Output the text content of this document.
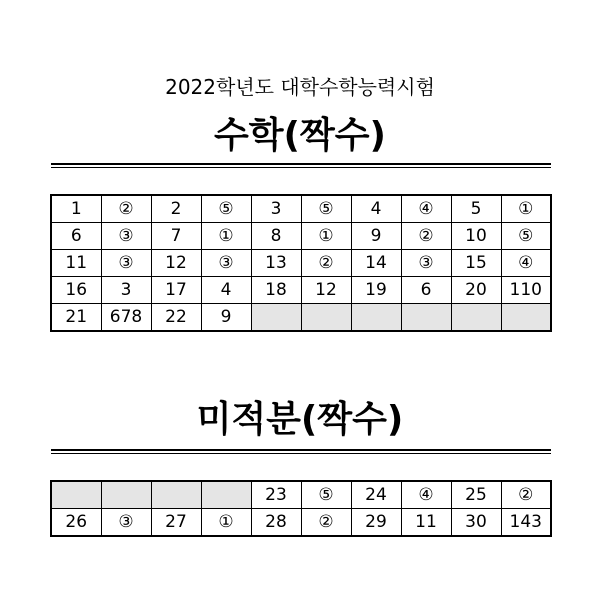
2022학년도 대학수학능력시험
수학(짝수)
1	②	2	⑤	3	⑤	4	④	5	①
6	③	7	①	8	①	9	②	10	⑤
11	③	12	③	13	②	14	③	15	④
16	3	17	4	18	12	19	6	20	110
21	678	22	9						
미적분(짝수)
				23	⑤	24	④	25	②
26	③	27	①	28	②	29	11	30	143
